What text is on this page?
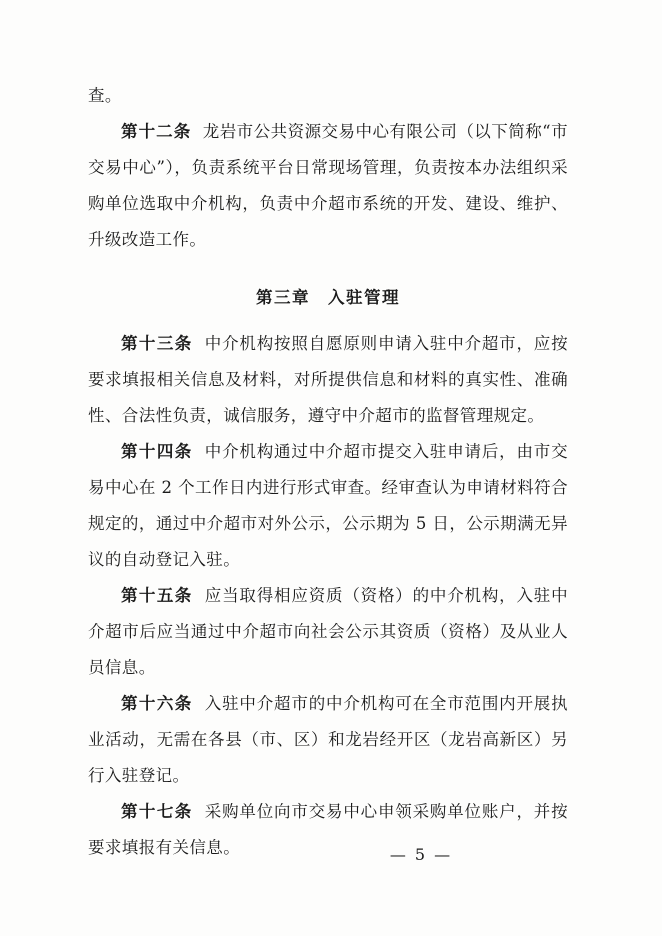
查。

第十二条 龙岩市公共资源交易中心有限公司（以下简称“市交易中心”），负责系统平台日常现场管理，负责按本办法组织采购单位选取中介机构，负责中介超市系统的开发、建设、维护、升级改造工作。

第三章　入驻管理

第十三条 中介机构按照自愿原则申请入驻中介超市，应按要求填报相关信息及材料，对所提供信息和材料的真实性、准确性、合法性负责，诚信服务，遵守中介超市的监督管理规定。

第十四条 中介机构通过中介超市提交入驻申请后，由市交易中心在 2 个工作日内进行形式审查。经审查认为申请材料符合规定的，通过中介超市对外公示，公示期为 5 日，公示期满无异议的自动登记入驻。

第十五条 应当取得相应资质（资格）的中介机构，入驻中介超市后应当通过中介超市向社会公示其资质（资格）及从业人员信息。

第十六条 入驻中介超市的中介机构可在全市范围内开展执业活动，无需在各县（市、区）和龙岩经开区（龙岩高新区）另行入驻登记。

第十七条 采购单位向市交易中心申领采购单位账户，并按要求填报有关信息。	— 5 —
